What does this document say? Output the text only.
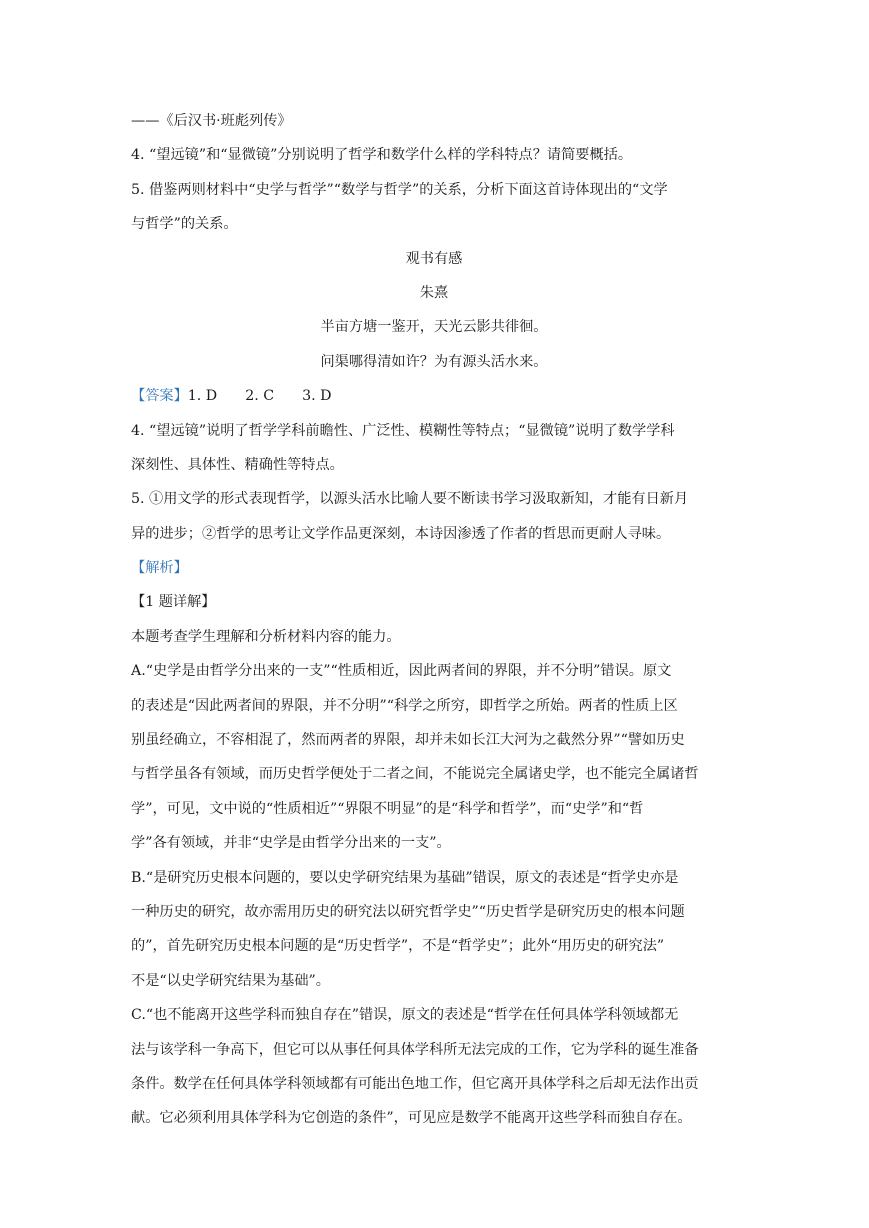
——《后汉书·班彪列传》
4. “望远镜”和“显微镜”分别说明了哲学和数学什么样的学科特点？请简要概括。
5. 借鉴两则材料中“史学与哲学”“数学与哲学”的关系，分析下面这首诗体现出的“文学
与哲学”的关系。
观书有感
朱熹
半亩方塘一鉴开，天光云影共徘徊。
问渠哪得清如许？为有源头活水来。
【答案】1. D 2. C 3. D
4. “望远镜”说明了哲学学科前瞻性、广泛性、模糊性等特点；“显微镜”说明了数学学科
深刻性、具体性、精确性等特点。
5. ①用文学的形式表现哲学，以源头活水比喻人要不断读书学习汲取新知，才能有日新月
异的进步；②哲学的思考让文学作品更深刻，本诗因渗透了作者的哲思而更耐人寻味。
【解析】
【1 题详解】
本题考查学生理解和分析材料内容的能力。
A.“史学是由哲学分出来的一支”“性质相近，因此两者间的界限，并不分明”错误。原文
的表述是“因此两者间的界限，并不分明”“科学之所穷，即哲学之所始。两者的性质上区
别虽经确立，不容相混了，然而两者的界限，却并未如长江大河为之截然分界”“譬如历史
与哲学虽各有领域，而历史哲学便处于二者之间，不能说完全属诸史学，也不能完全属诸哲
学”，可见，文中说的“性质相近”“界限不明显”的是“科学和哲学”，而“史学”和“哲
学”各有领域，并非“史学是由哲学分出来的一支”。
B.“是研究历史根本问题的，要以史学研究结果为基础”错误，原文的表述是“哲学史亦是
一种历史的研究，故亦需用历史的研究法以研究哲学史”“历史哲学是研究历史的根本问题
的”，首先研究历史根本问题的是“历史哲学”，不是“哲学史”；此外“用历史的研究法”
不是“以史学研究结果为基础”。
C.“也不能离开这些学科而独自存在”错误，原文的表述是“哲学在任何具体学科领域都无
法与该学科一争高下，但它可以从事任何具体学科所无法完成的工作，它为学科的诞生准备
条件。数学在任何具体学科领域都有可能出色地工作，但它离开具体学科之后却无法作出贡
献。它必须利用具体学科为它创造的条件”，可见应是数学不能离开这些学科而独自存在。
